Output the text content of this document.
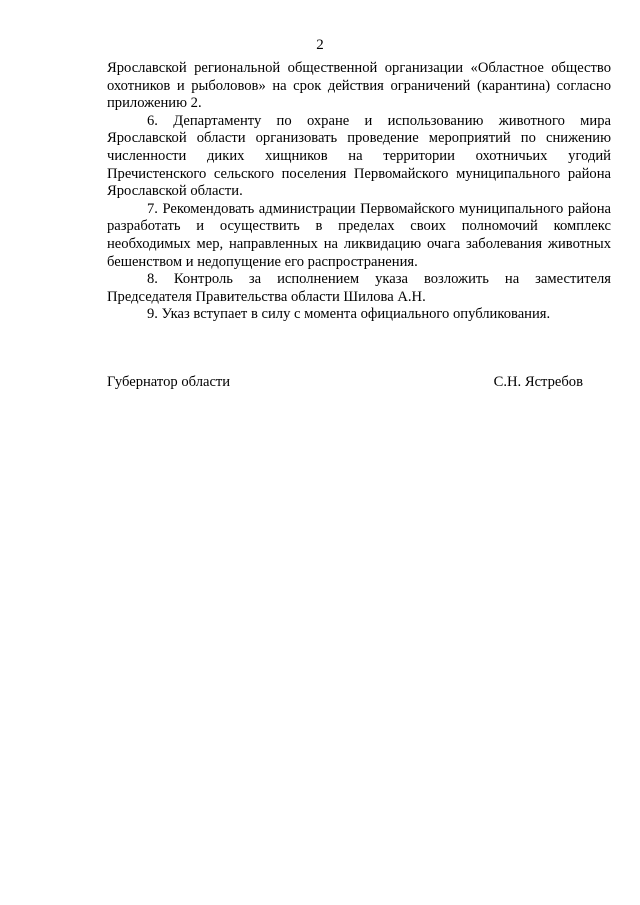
2

Ярославской региональной общественной организации «Областное общество охотников и рыболовов» на срок действия ограничений (карантина) согласно приложению 2.

6. Департаменту по охране и использованию животного мира Ярославской области организовать проведение мероприятий по снижению численности диких хищников на территории охотничьих угодий Пречистенского сельского поселения Первомайского муниципального района Ярославской области.

7. Рекомендовать администрации Первомайского муниципального района разработать и осуществить в пределах своих полномочий комплекс необходимых мер, направленных на ликвидацию очага заболевания животных бешенством и недопущение его распространения.

8. Контроль за исполнением указа возложить на заместителя Председателя Правительства области Шилова А.Н.

9. Указ вступает в силу с момента официального опубликования.

Губернатор области	С.Н. Ястребов
